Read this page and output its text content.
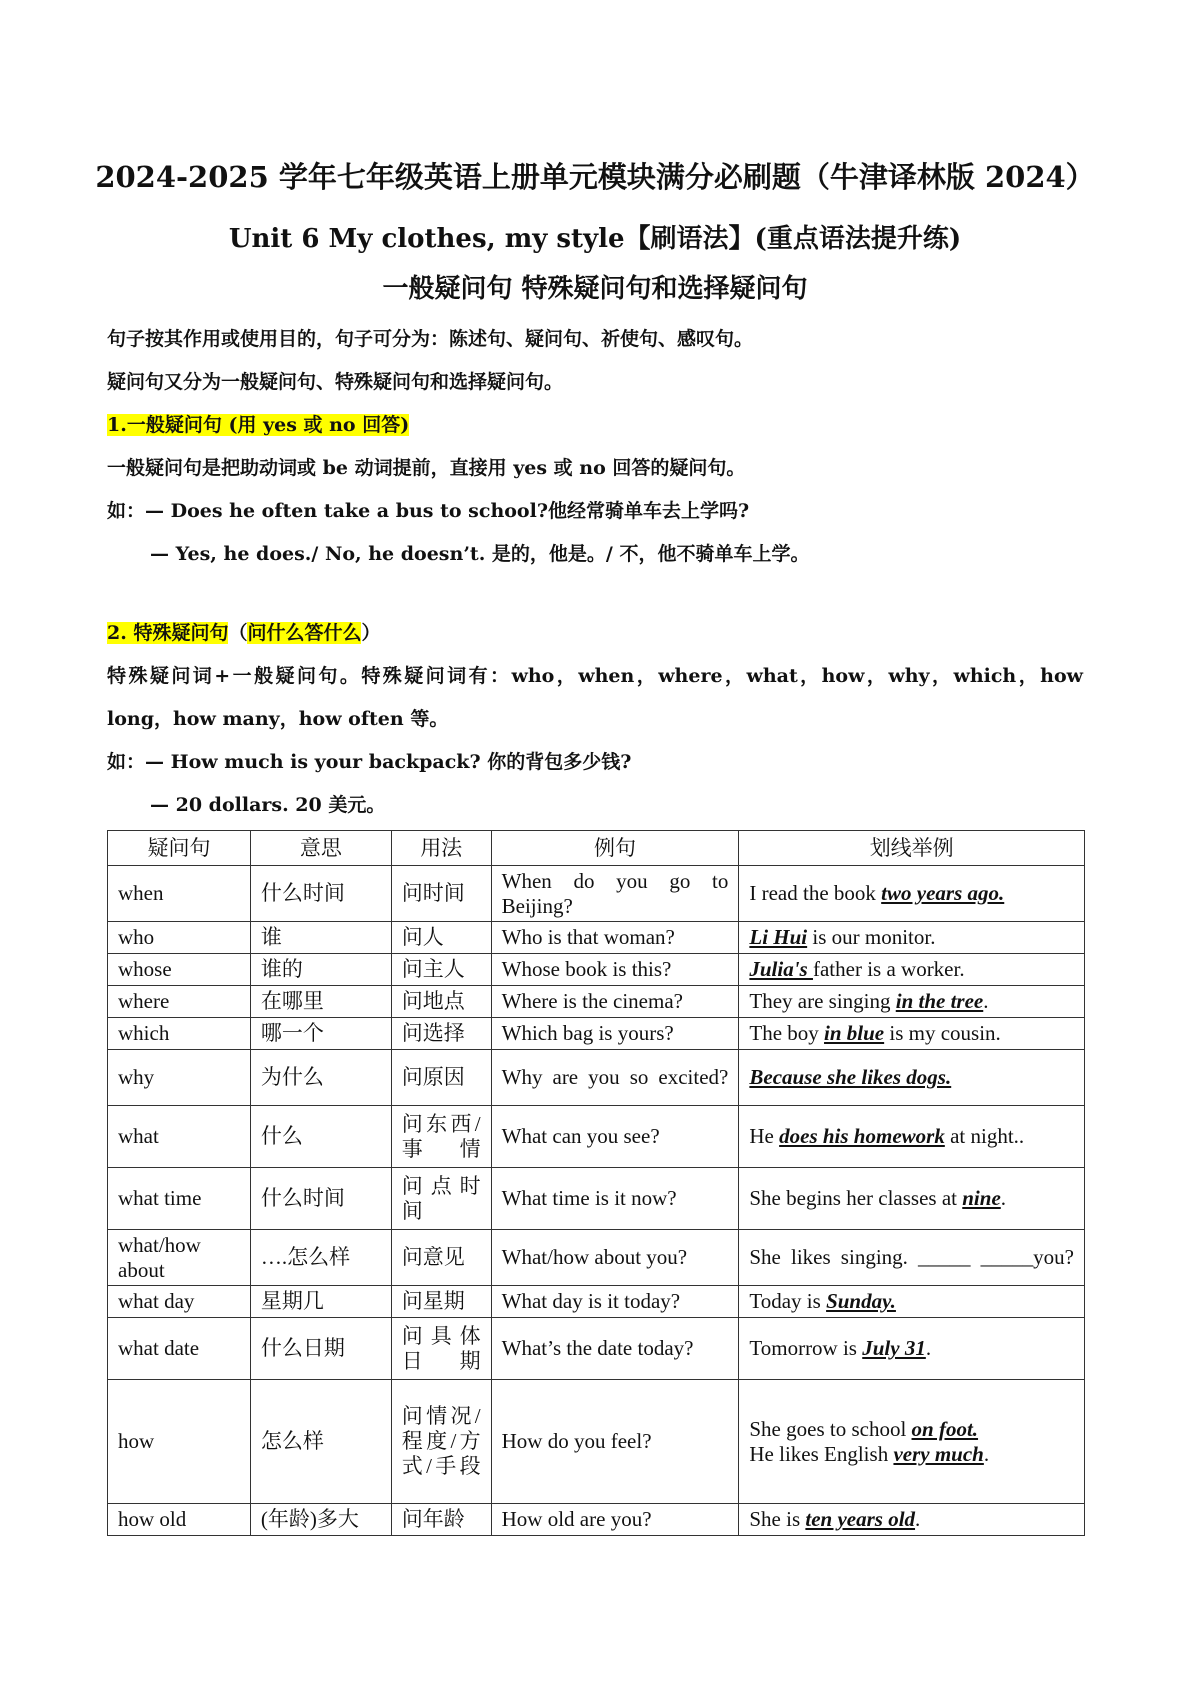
2024-2025 学年七年级英语上册单元模块满分必刷题（牛津译林版 2024）
Unit 6 My clothes, my style【刷语法】(重点语法提升练)
一般疑问句 特殊疑问句和选择疑问句
句子按其作用或使用目的，句子可分为：陈述句、疑问句、祈使句、感叹句。
疑问句又分为一般疑问句、特殊疑问句和选择疑问句。
1.一般疑问句 (用 yes 或 no 回答)
一般疑问句是把助动词或 be 动词提前，直接用 yes 或 no 回答的疑问句。
如：— Does he often take a bus to school?他经常骑单车去上学吗?
— Yes, he does./ No, he doesn’t. 是的，他是。/ 不，他不骑单车上学。
2. 特殊疑问句（问什么答什么）
特殊疑问词+一般疑问句。特殊疑问词有：who，when，where，what，how，why，which，how
long，how many，how often 等。
如：— How much is your backpack? 你的背包多少钱?
— 20 dollars. 20 美元。
疑问句	意思	用法	例句	划线举例
when	什么时间	问时间	When do you go to Beijing?	I read the book two years ago.
who	谁	问人	Who is that woman?	Li Hui is our monitor.
whose	谁的	问主人	Whose book is this?	Julia's father is a worker.
where	在哪里	问地点	Where is the cinema?	They are singing in the tree.
which	哪一个	问选择	Which bag is yours?	The boy in blue is my cousin.
why	为什么	问原因	Why are you so excited?	Because she likes dogs.
what	什么	问东西/事情	What can you see?	He does his homework at night..
what time	什么时间	问点时间	What time is it now?	She begins her classes at nine.
what/how about	….怎么样	问意见	What/how about you?	She likes singing. _____ _____you?
what day	星期几	问星期	What day is it today?	Today is Sunday.
what date	什么日期	问具体日期	What’s the date today?	Tomorrow is July 31.
how	怎么样	问情况/程度/方式/手段	How do you feel?	She goes to school on foot.
He likes English very much.

how old	(年龄)多大	问年龄	How old are you?	She is ten years old.
